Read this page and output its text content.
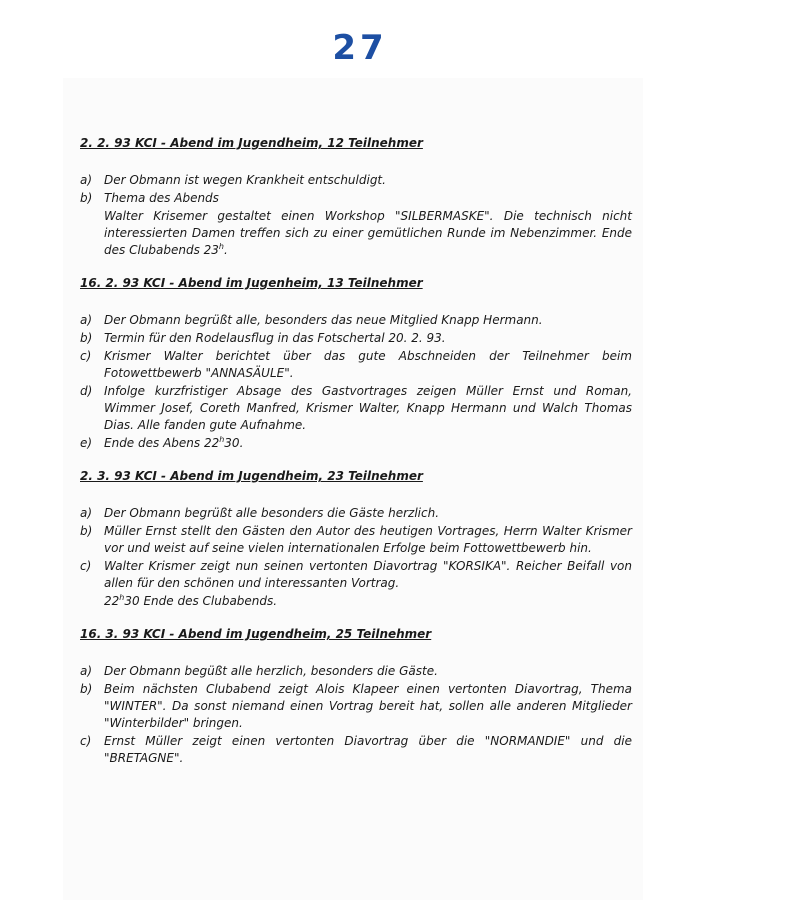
27
2. 2. 93 KCI - Abend im Jugendheim, 12 Teilnehmer
a) Der Obmann ist wegen Krankheit entschuldigt.
b) Thema des Abends
Walter Krisemer gestaltet einen Workshop "SILBERMASKE". Die technisch nicht interessierten Damen treffen sich zu einer gemütlichen Runde im Nebenzimmer. Ende des Clubabends 23$^h$.
16. 2. 93 KCI - Abend im Jugenheim, 13 Teilnehmer
a) Der Obmann begrüßt alle, besonders das neue Mitglied Knapp Hermann.
b) Termin für den Rodelausflug in das Fotschertal 20. 2. 93.
c)	Krismer Walter berichtet über das gute Abschneiden der Teilnehmer beim Fotowettbewerb "ANNASÄULE".
d) Infolge kurzfristiger Absage des Gastvortrages zeigen Müller Ernst und Roman, Wimmer Josef, Coreth Manfred, Krismer Walter, Knapp Hermann und Walch Thomas Dias. Alle fanden gute Aufnahme.
e) Ende des Abens 22$^h$30.
2. 3. 93 KCI - Abend im Jugendheim, 23 Teilnehmer
a) Der Obmann begrüßt alle besonders die Gäste herzlich.
b) Müller Ernst stellt den Gästen den Autor des heutigen Vortrages, Herrn Walter Krismer vor und weist auf seine vielen internationalen Erfolge beim Fottowettbewerb hin.
c)	Walter Krismer zeigt nun seinen vertonten Diavortrag "KORSIKA". Reicher Beifall von allen für den schönen und interessanten Vortrag.
22$^h$30 Ende des Clubabends.
16. 3. 93 KCI - Abend im Jugendheim, 25 Teilnehmer
a) Der Obmann begüßt alle herzlich, besonders die Gäste.
b) Beim nächsten Clubabend zeigt Alois Klapeer einen vertonten Diavortrag, Thema "WINTER". Da sonst niemand einen Vortrag bereit hat, sollen alle anderen Mitglieder "Winterbilder" bringen.
c)	Ernst Müller zeigt einen vertonten Diavortrag über die "NORMANDIE" und die "BRETAGNE".
